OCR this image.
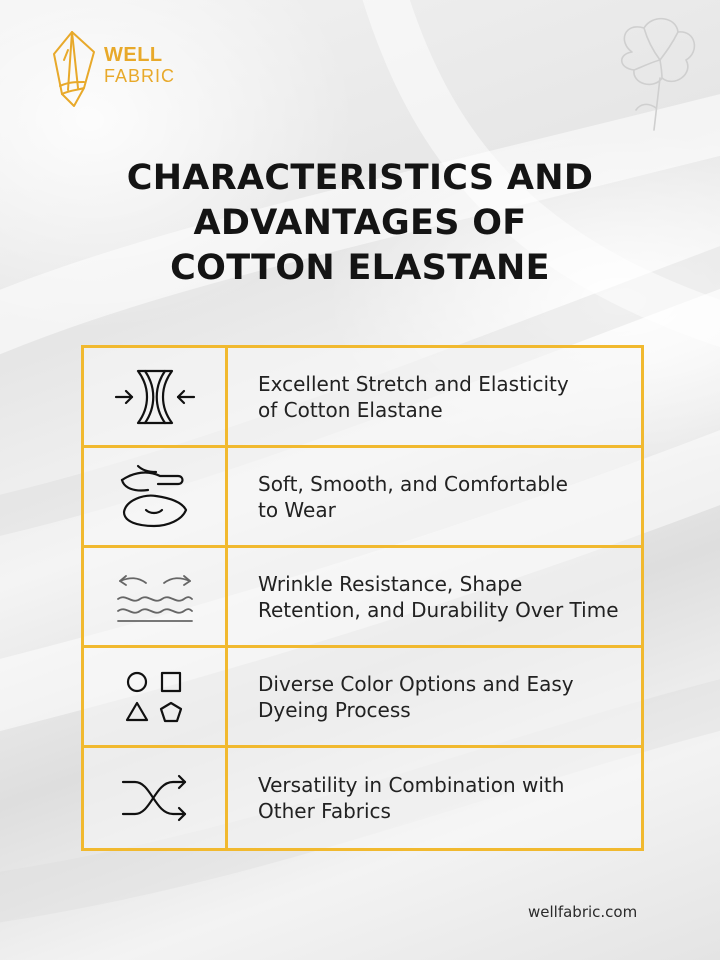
WELL
FABRIC
CHARACTERISTICS AND
ADVANTAGES OF
COTTON ELASTANE
Excellent Stretch and Elasticity
of Cotton Elastane
Soft, Smooth, and Comfortable
to Wear
Wrinkle Resistance, Shape
Retention, and Durability Over Time
Diverse Color Options and Easy
Dyeing Process
Versatility in Combination with
Other Fabrics
wellfabric.com
